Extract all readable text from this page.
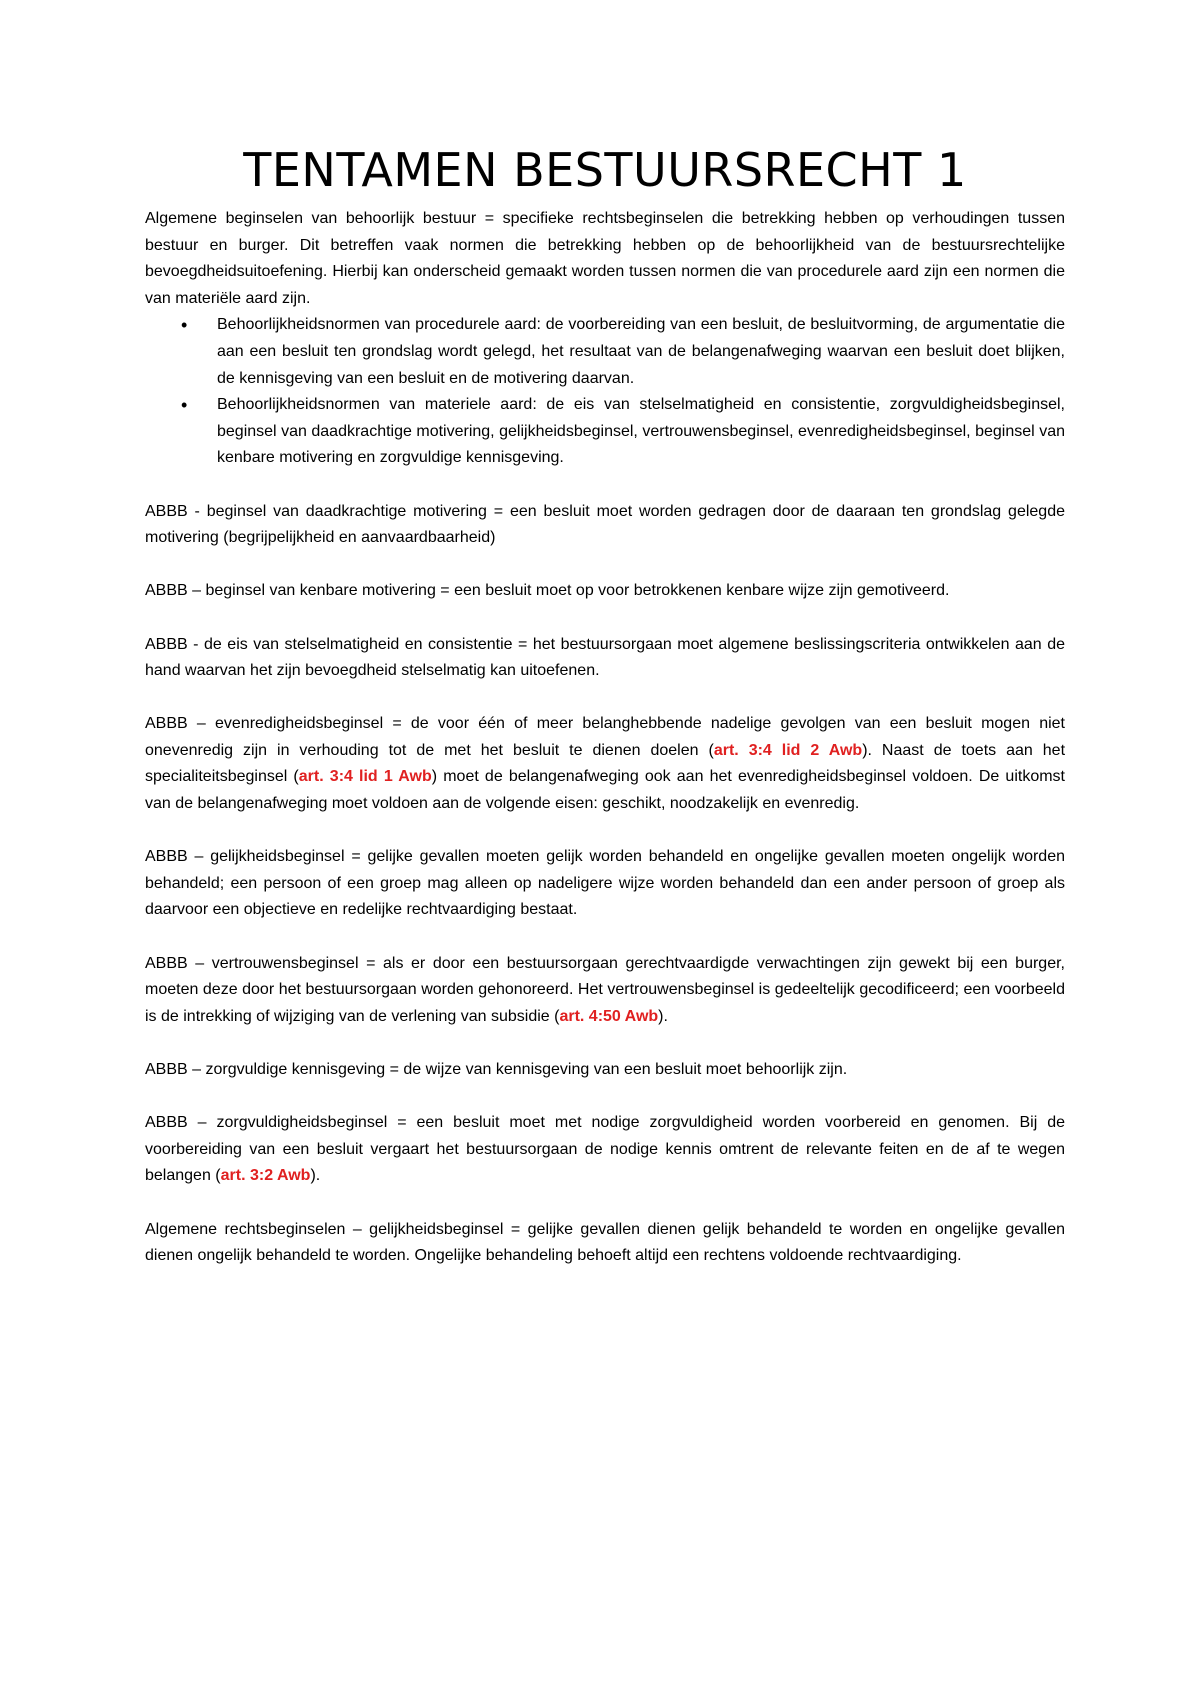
TENTAMEN BESTUURSRECHT 1

Algemene beginselen van behoorlijk bestuur = specifieke rechtsbeginselen die betrekking hebben op verhoudingen tussen bestuur en burger. Dit betreffen vaak normen die betrekking hebben op de behoorlijkheid van de bestuursrechtelijke bevoegdheidsuitoefening. Hierbij kan onderscheid gemaakt worden tussen normen die van procedurele aard zijn een normen die van materiële aard zijn.

• Behoorlijkheidsnormen van procedurele aard: de voorbereiding van een besluit, de besluitvorming, de argumentatie die aan een besluit ten grondslag wordt gelegd, het resultaat van de belangenafweging waarvan een besluit doet blijken, de kennisgeving van een besluit en de motivering daarvan.
• Behoorlijkheidsnormen van materiele aard: de eis van stelselmatigheid en consistentie, zorgvuldigheidsbeginsel, beginsel van daadkrachtige motivering, gelijkheidsbeginsel, vertrouwensbeginsel, evenredigheidsbeginsel, beginsel van kenbare motivering en zorgvuldige kennisgeving.

ABBB - beginsel van daadkrachtige motivering = een besluit moet worden gedragen door de daaraan ten grondslag gelegde motivering (begrijpelijkheid en aanvaardbaarheid)

ABBB – beginsel van kenbare motivering = een besluit moet op voor betrokkenen kenbare wijze zijn gemotiveerd.

ABBB - de eis van stelselmatigheid en consistentie = het bestuursorgaan moet algemene beslissingscriteria ontwikkelen aan de hand waarvan het zijn bevoegdheid stelselmatig kan uitoefenen.

ABBB – evenredigheidsbeginsel = de voor één of meer belanghebbende nadelige gevolgen van een besluit mogen niet onevenredig zijn in verhouding tot de met het besluit te dienen doelen (art. 3:4 lid 2 Awb). Naast de toets aan het specialiteitsbeginsel (art. 3:4 lid 1 Awb) moet de belangenafweging ook aan het evenredigheidsbeginsel voldoen. De uitkomst van de belangenafweging moet voldoen aan de volgende eisen: geschikt, noodzakelijk en evenredig.

ABBB – gelijkheidsbeginsel = gelijke gevallen moeten gelijk worden behandeld en ongelijke gevallen moeten ongelijk worden behandeld; een persoon of een groep mag alleen op nadeligere wijze worden behandeld dan een ander persoon of groep als daarvoor een objectieve en redelijke rechtvaardiging bestaat.

ABBB – vertrouwensbeginsel = als er door een bestuursorgaan gerechtvaardigde verwachtingen zijn gewekt bij een burger, moeten deze door het bestuursorgaan worden gehonoreerd. Het vertrouwensbeginsel is gedeeltelijk gecodificeerd; een voorbeeld is de intrekking of wijziging van de verlening van subsidie (art. 4:50 Awb).

ABBB – zorgvuldige kennisgeving = de wijze van kennisgeving van een besluit moet behoorlijk zijn.

ABBB – zorgvuldigheidsbeginsel = een besluit moet met nodige zorgvuldigheid worden voorbereid en genomen. Bij de voorbereiding van een besluit vergaart het bestuursorgaan de nodige kennis omtrent de relevante feiten en de af te wegen belangen (art. 3:2 Awb).

Algemene rechtsbeginselen – gelijkheidsbeginsel = gelijke gevallen dienen gelijk behandeld te worden en ongelijke gevallen dienen ongelijk behandeld te worden. Ongelijke behandeling behoeft altijd een rechtens voldoende rechtvaardiging.
